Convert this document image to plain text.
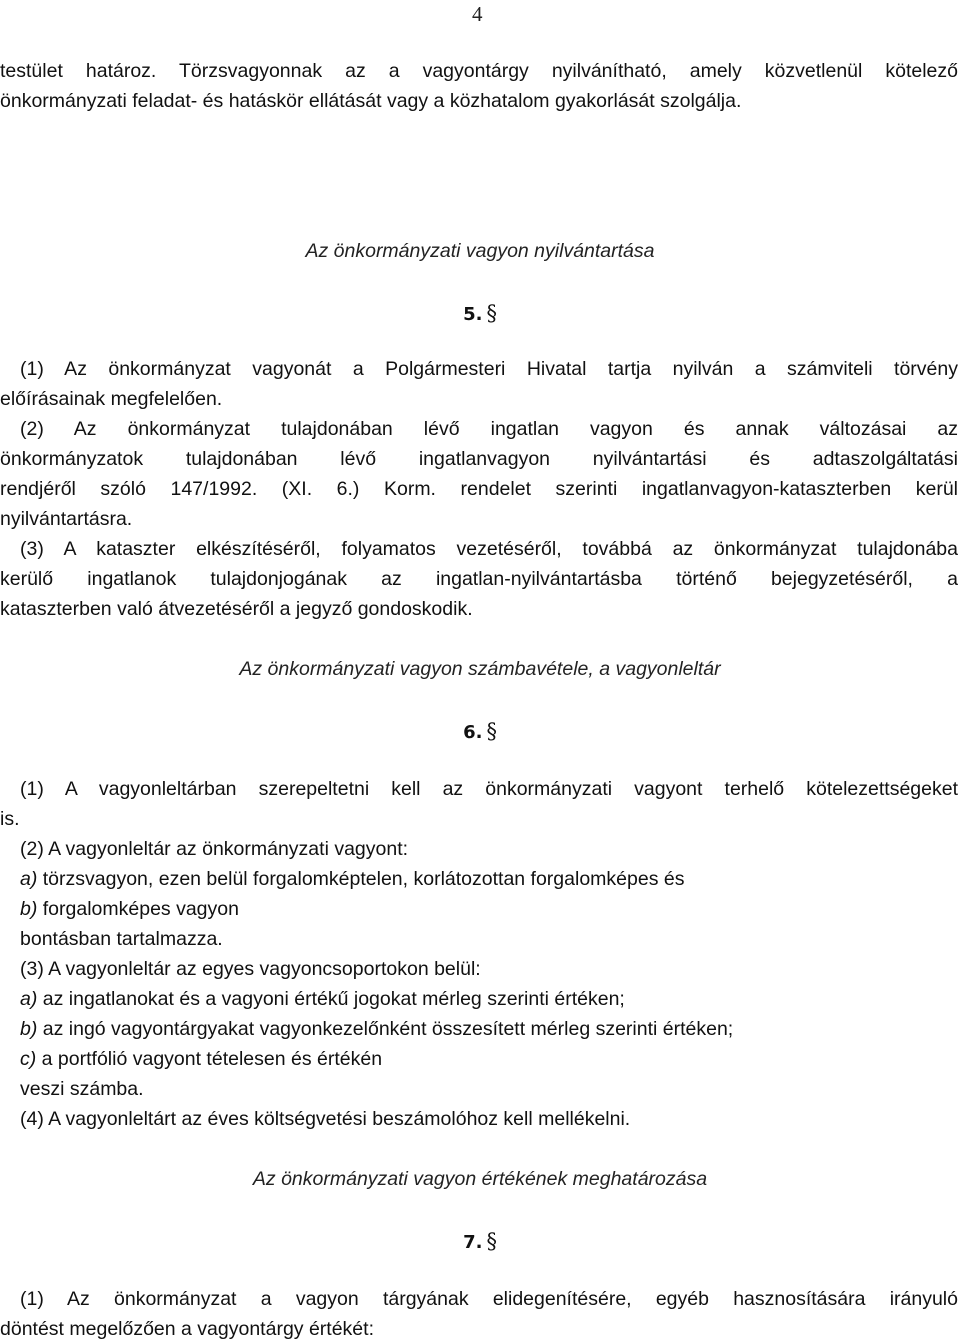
4

testület határoz. Törzsvagyonnak az a vagyontárgy nyilvánítható, amely közvetlenül kötelező

önkormányzati feladat- és hatáskör ellátását vagy a közhatalom gyakorlását szolgálja.

Az önkormányzati vagyon nyilvántartása

5. §

(1) Az önkormányzat vagyonát a Polgármesteri Hivatal tartja nyilván a számviteli törvény

előírásainak megfelelően.

(2) Az önkormányzat tulajdonában lévő ingatlan vagyon és annak változásai az

önkormányzatok tulajdonában lévő ingatlanvagyon nyilvántartási és adtaszolgáltatási

rendjéről szóló 147/1992. (XI. 6.) Korm. rendelet szerinti ingatlanvagyon-kataszterben kerül

nyilvántartásra.

(3) A kataszter elkészítéséről, folyamatos vezetéséről, továbbá az önkormányzat tulajdonába

kerülő ingatlanok tulajdonjogának az ingatlan-nyilvántartásba történő bejegyzetéséről, a

kataszterben való átvezetéséről a jegyző gondoskodik.

Az önkormányzati vagyon számbavétele, a vagyonleltár

6. §

(1) A vagyonleltárban szerepeltetni kell az önkormányzati vagyont terhelő kötelezettségeket

is.

(2) A vagyonleltár az önkormányzati vagyont:

a) törzsvagyon, ezen belül forgalomképtelen, korlátozottan forgalomképes és

b) forgalomképes vagyon

bontásban tartalmazza.

(3) A vagyonleltár az egyes vagyoncsoportokon belül:

a) az ingatlanokat és a vagyoni értékű jogokat mérleg szerinti értéken;

b) az ingó vagyontárgyakat vagyonkezelőnként összesített mérleg szerinti értéken;

c) a portfólió vagyont tételesen és értékén

veszi számba.

(4) A vagyonleltárt az éves költségvetési beszámolóhoz kell mellékelni.

Az önkormányzati vagyon értékének meghatározása

7. §

(1) Az önkormányzat a vagyon tárgyának elidegenítésére, egyéb hasznosítására irányuló

döntést megelőzően a vagyontárgy értékét:
